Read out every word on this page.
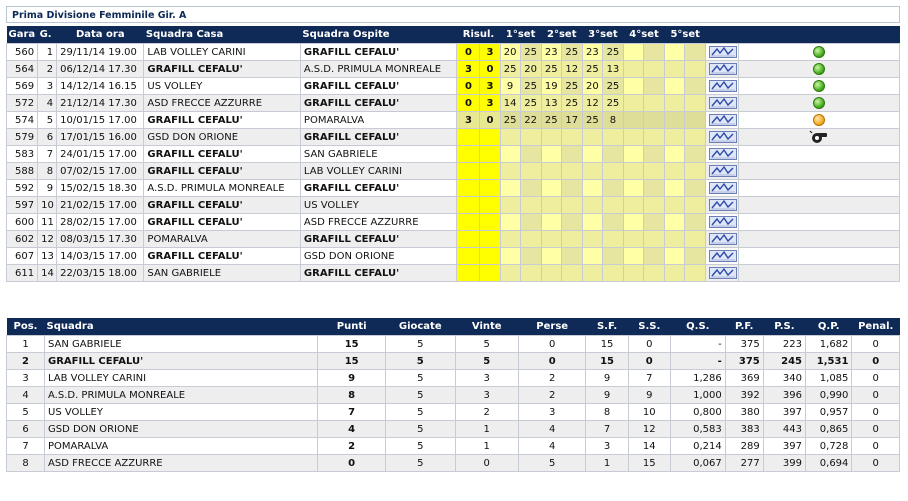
Prima Divisione Femminile Gir. A
Gara	G.	Data ora	Squadra Casa	Squadra Ospite	Risul.		1°set		2°set		3°set		4°set		5°set			
560	1	29/11/14 19.00	LAB VOLLEY CARINI	GRAFILL CEFALU'	0	3	20	25	23	25	23	25						
564	2	06/12/14 17.30	GRAFILL CEFALU'	A.S.D. PRIMULA MONREALE	3	0	25	20	25	12	25	13						
569	3	14/12/14 16.15	US VOLLEY	GRAFILL CEFALU'	0	3	9	25	19	25	20	25						
572	4	21/12/14 17.30	ASD FRECCE AZZURRE	GRAFILL CEFALU'	0	3	14	25	13	25	12	25						
574	5	10/01/15 17.00	GRAFILL CEFALU'	POMARALVA	3	0	25	22	25	17	25	8						
579	6	17/01/15 16.00	GSD DON ORIONE	GRAFILL CEFALU'														
583	7	24/01/15 17.00	GRAFILL CEFALU'	SAN GABRIELE														
588	8	07/02/15 17.00	GRAFILL CEFALU'	LAB VOLLEY CARINI														
592	9	15/02/15 18.30	A.S.D. PRIMULA MONREALE	GRAFILL CEFALU'														
597	10	21/02/15 17.00	GRAFILL CEFALU'	US VOLLEY														
600	11	28/02/15 17.00	GRAFILL CEFALU'	ASD FRECCE AZZURRE														
602	12	08/03/15 17.30	POMARALVA	GRAFILL CEFALU'														
607	13	14/03/15 17.00	GRAFILL CEFALU'	GSD DON ORIONE														
611	14	22/03/15 18.00	SAN GABRIELE	GRAFILL CEFALU'														
Pos.	Squadra	Punti	Giocate	Vinte	Perse	S.F.	S.S.	Q.S.	P.F.	P.S.	Q.P.	Penal.
1	SAN GABRIELE	15	5	5	0	15	0	-	375	223	1,682	0
2	GRAFILL CEFALU'	15	5	5	0	15	0	-	375	245	1,531	0
3	LAB VOLLEY CARINI	9	5	3	2	9	7	1,286	369	340	1,085	0
4	A.S.D. PRIMULA MONREALE	8	5	3	2	9	9	1,000	392	396	0,990	0
5	US VOLLEY	7	5	2	3	8	10	0,800	380	397	0,957	0
6	GSD DON ORIONE	4	5	1	4	7	12	0,583	383	443	0,865	0
7	POMARALVA	2	5	1	4	3	14	0,214	289	397	0,728	0
8	ASD FRECCE AZZURRE	0	5	0	5	1	15	0,067	277	399	0,694	0
